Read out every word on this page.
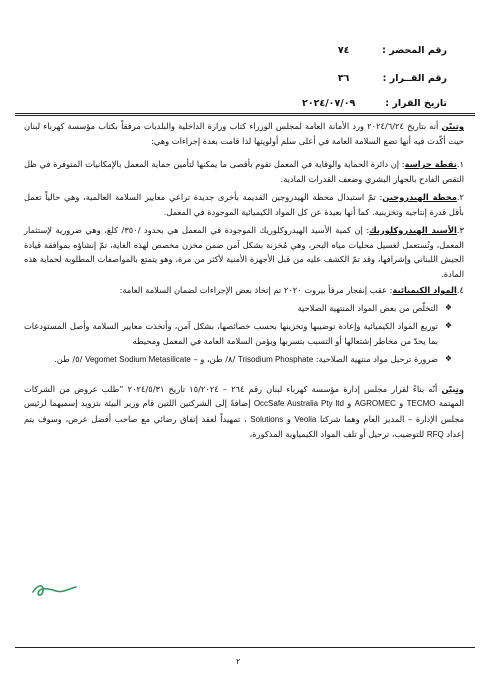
رقم المحضر : ٧٤
رقم القــرار : ٣٦
تاريخ القرار : ٢٠٢٤/٠٧/٠٩

وتبيّن أنه بتاريخ ٢٠٢٤/٦/٢٤ ورد الأمانة العامة لمجلس الوزراء كتاب وزارة الداخلية والبلديات مرفقاً بكتاب مؤسسة كهرباء لبنان حيث أكّدت فيه أنها تضع السلامة العامة في أعلى سلم أولويتها لذا قامت بعدة إجراءات وهي:

١.نقطة حراسة: إن دائرة الحماية والوقاية في المعمل تقوم بأقصى ما يمكنها لتأمين حماية المعمل بالإمكانيات المتوفرة في ظل النقص الفادح بالجهاز البشري وضعف القدرات المادية.

٢.محطة الهيدروجين: تمّ استبدال محطة الهيدروجين القديمة بأخرى جديدة تراعي معايير السلامة العالمية، وهي حالياً تعمل بأقل قدرة إنتاجية وتخزينية. كما أنها بعيدة عن كل المواد الكيميائية الموجودة في المعمل.

٣.الأسيد الهيدروكلوريك: إن كمية الأسيد الهيدروكلوريك الموجودة في المعمل هي بحدود /٣٥٠/ كلغ، وهي ضرورية لإستثمار المعمل، وتُستعمل لغسيل محليات مياه البحر، وهي مُخزنة بشكل آمن ضمن مخزن مخصص لهذه الغاية، تمّ إنشاؤه بموافقة قيادة الجيش اللبناني وإشرافها، وقد تمّ الكشف عليه من قبل الأجهزة الأمنية لأكثر من مرة، وهو يتمتع بالمواصفات المطلوبة لحماية هذه المادة.

٤.المواد الكيميائية: عقب إنفجار مرفأ بيروت ٢٠٢٠ تم إتخاذ بعض الإجراءات لضمان السلامة العامة:

❖
التخلّص من بعض المواد المنتهية الصلاحية

❖
توزيع المواد الكيميائية وإعادة توضيبها وتخزينها بحسب خصائصها، بشكل آمن، وأتخذت معايير السلامة وأصل المستودعات بما يحدّ من مخاطر إشتعالها أو التسبب بتسربها ويؤمن السلامة العامة في المعمل ومحيطه

❖
ضرورة ترحيل مواد منتهية الصلاحية: Trisodium Phosphate /٨/ طن، و – Sodium Metasilicate Vegomet /٥/ طن.

وتبيّن أنّه بناءً لقرار مجلس إدارة مؤسسة كهرباء لبنان رقم ٢٦٤ – ١٥/٢٠٢٤ تاريخ ٢٠٢٤/٥/٣١ ”طلب عروض من الشركات المهتمة TECMO و AGROMEC و OccSafe Australia Pty ltd إضافةً إلى الشركتين اللتين قام وزير البيئة بتزويد إسميهما لرئيس مجلس الإدارة – المدير العام وهما شركتا Veolia و Solutions ، تمهيداً لعقد إتفاق رضائي مع صاحب أفضل عرض، وسوف يتم إعداد RFQ للتوضيب، ترحيل أو تلف المواد الكيمياوية المذكورة،

٢
